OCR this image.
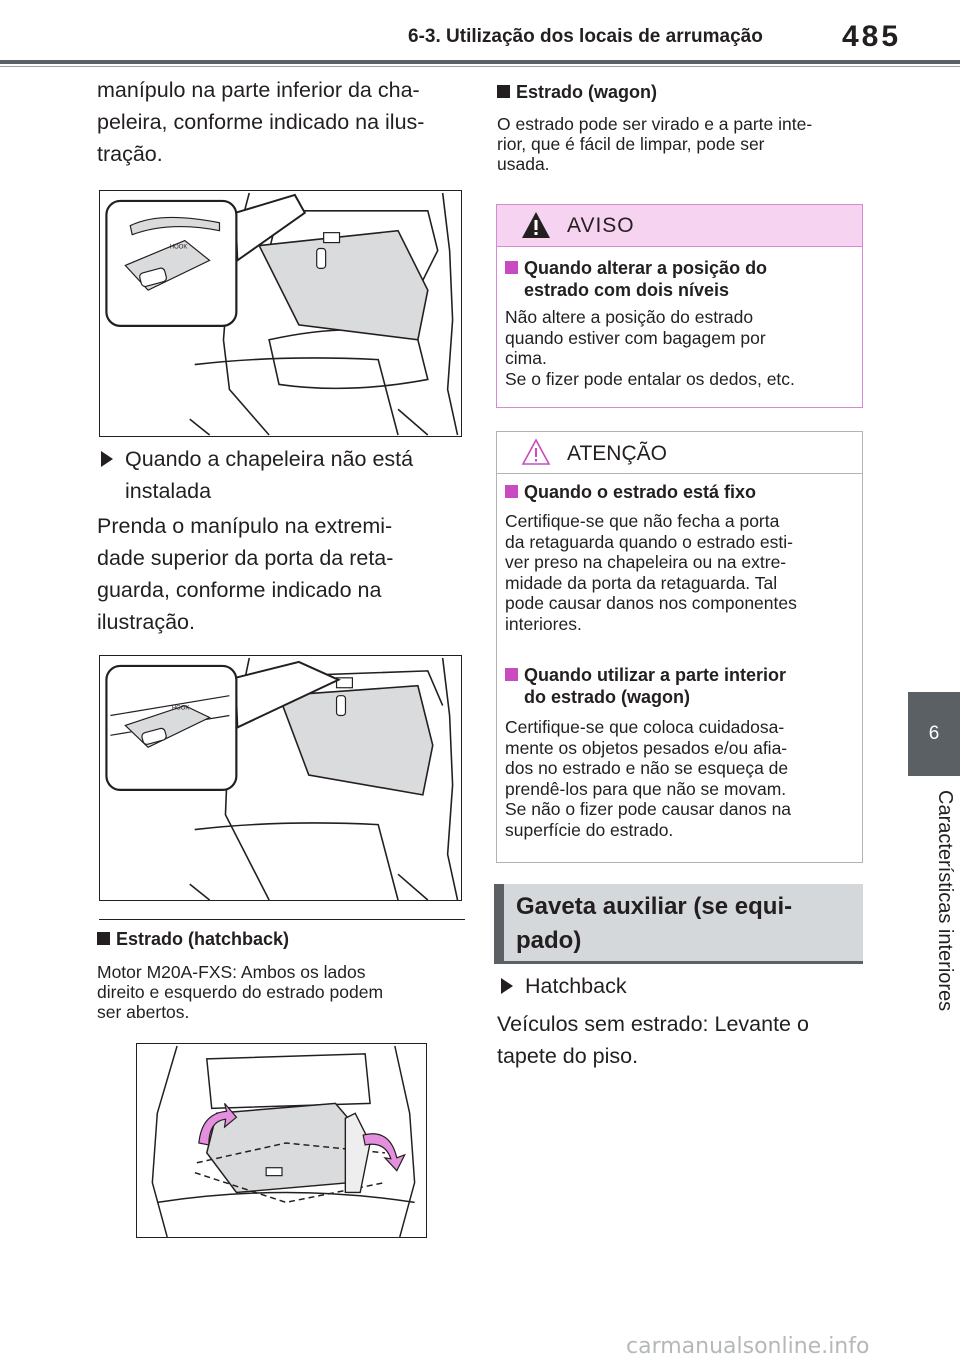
6-3. Utilização dos locais de arrumação	485
6
Características interiores
manípulo na parte inferior da cha-
peleira, conforme indicado na ilus-
tração.
HOOK
Quando a chapeleira não está
instalada
Prenda o manípulo na extremi-
dade superior da porta da reta-
guarda, conforme indicado na
ilustração.
HOOK
Estrado (hatchback)
Motor M20A-FXS: Ambos os lados
direito e esquerdo do estrado podem
ser abertos.
Estrado (wagon)
O estrado pode ser virado e a parte inte-
rior, que é fácil de limpar, pode ser
usada.
AVISO
Quando alterar a posição do
estrado com dois níveis
Não altere a posição do estrado
quando estiver com bagagem por
cima.
Se o fizer pode entalar os dedos, etc.
ATENÇÃO
Quando o estrado está fixo
Certifique-se que não fecha a porta
da retaguarda quando o estrado esti-
ver preso na chapeleira ou na extre-
midade da porta da retaguarda. Tal
pode causar danos nos componentes
interiores.
Quando utilizar a parte interior
do estrado (wagon)
Certifique-se que coloca cuidadosa-
mente os objetos pesados e/ou afia-
dos no estrado e não se esqueça de
prendê-los para que não se movam.
Se não o fizer pode causar danos na
superfície do estrado.
Gaveta auxiliar (se equi-
pado)
Hatchback
Veículos sem estrado: Levante o
tapete do piso.
carmanualsonline.info
